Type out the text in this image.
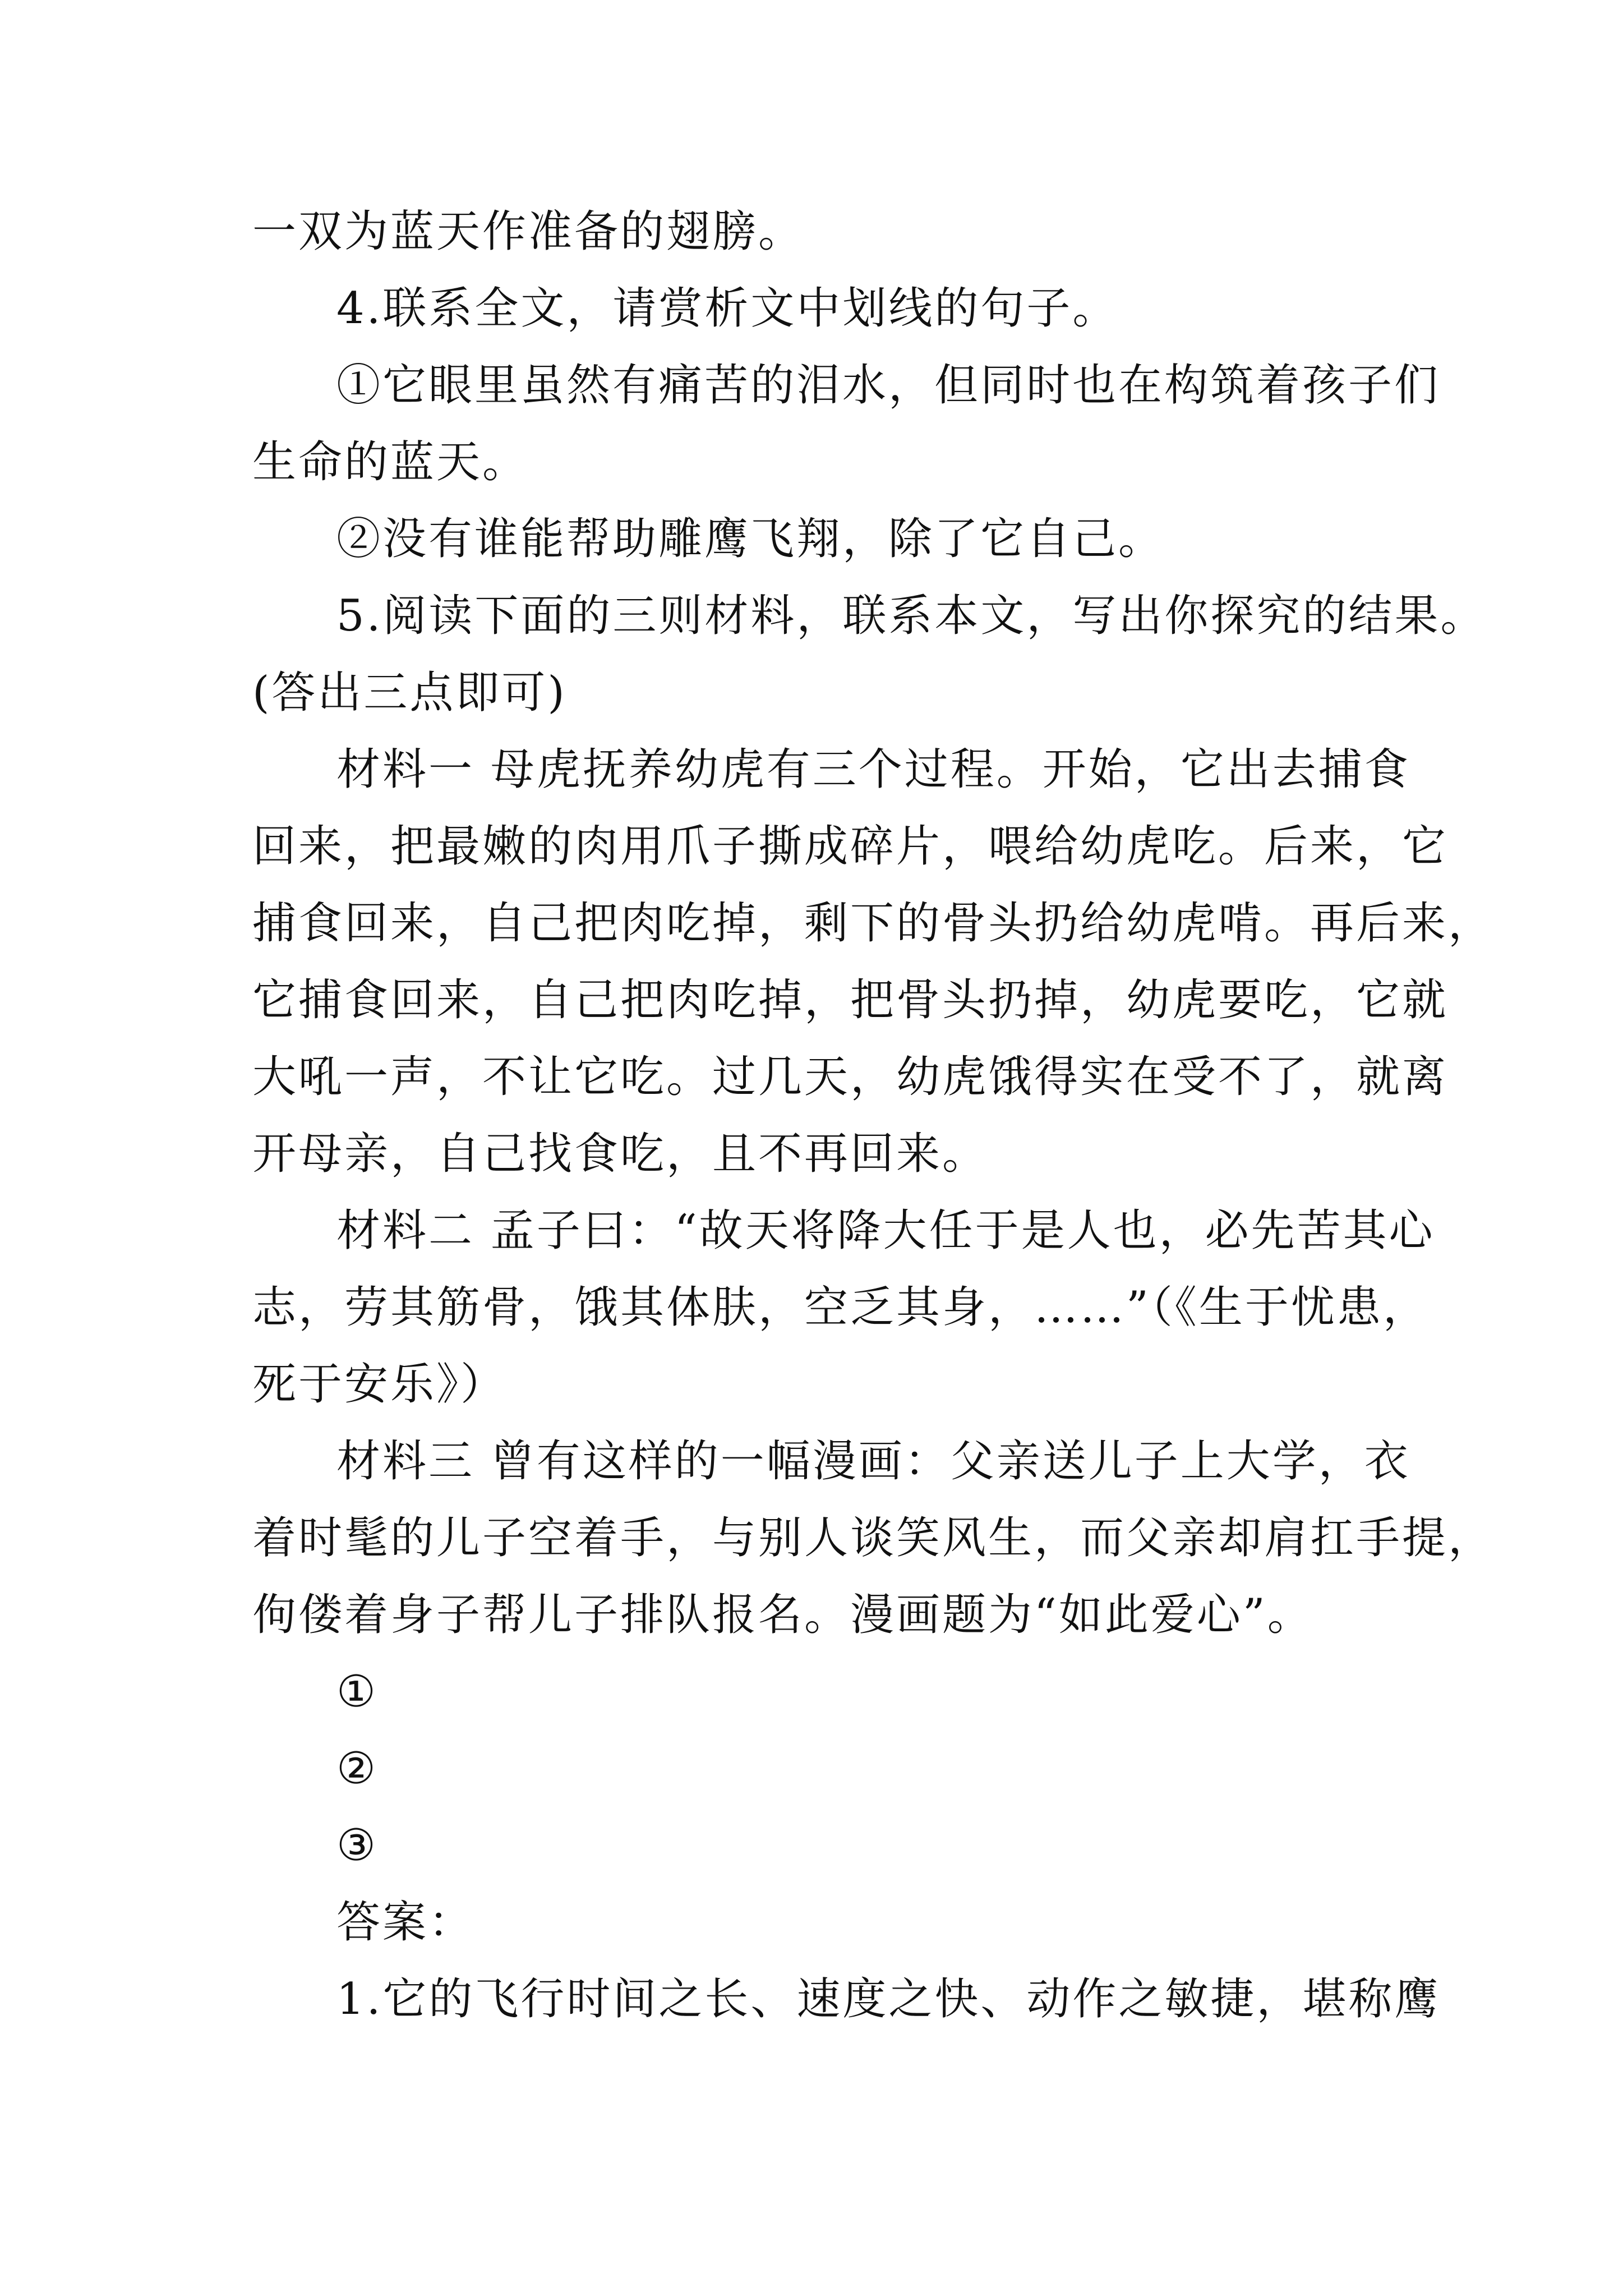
一双为蓝天作准备的翅膀。
4.联系全文，请赏析文中划线的句子。
①它眼里虽然有痛苦的泪水，但同时也在构筑着孩子们
生命的蓝天。
②没有谁能帮助雕鹰飞翔，除了它自己。
5.阅读下面的三则材料，联系本文，写出你探究的结果。
(答出三点即可)
材料一 母虎抚养幼虎有三个过程。开始，它出去捕食
回来，把最嫩的肉用爪子撕成碎片，喂给幼虎吃。后来，它
捕食回来，自己把肉吃掉，剩下的骨头扔给幼虎啃。再后来，
它捕食回来，自己把肉吃掉，把骨头扔掉，幼虎要吃，它就
大吼一声，不让它吃。过几天，幼虎饿得实在受不了，就离
开母亲，自己找食吃，且不再回来。
材料二 孟子曰：“故天将降大任于是人也，必先苦其心
志，劳其筋骨，饿其体肤，空乏其身，……”（《生于忧患，
死于安乐》）
材料三 曾有这样的一幅漫画：父亲送儿子上大学，衣
着时髦的儿子空着手，与别人谈笑风生，而父亲却肩扛手提，
佝偻着身子帮儿子排队报名。漫画题为“如此爱心”。
①
②
③
答案：
1.它的飞行时间之长、速度之快、动作之敏捷，堪称鹰
